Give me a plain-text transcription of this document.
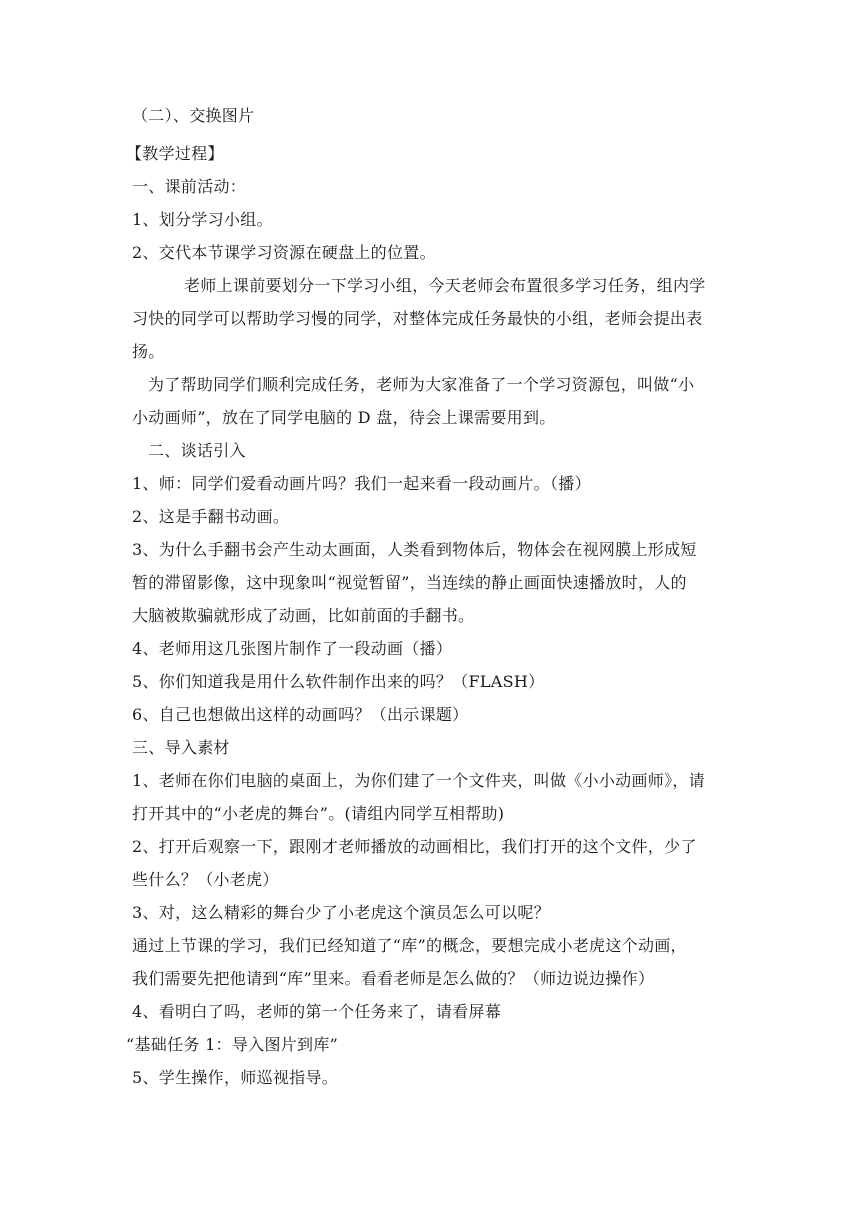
（二）、交换图片
【教学过程】
一、课前活动：
1、划分学习小组。
2、交代本节课学习资源在硬盘上的位置。
老师上课前要划分一下学习小组，今天老师会布置很多学习任务，组内学
习快的同学可以帮助学习慢的同学，对整体完成任务最快的小组，老师会提出表
扬。
为了帮助同学们顺利完成任务，老师为大家准备了一个学习资源包，叫做“小
小动画师”，放在了同学电脑的 D 盘，待会上课需要用到。
二、谈话引入
1、师：同学们爱看动画片吗？我们一起来看一段动画片。（播）
2、这是手翻书动画。
3、为什么手翻书会产生动太画面，人类看到物体后，物体会在视网膜上形成短
暂的滞留影像，这中现象叫“视觉暂留”，当连续的静止画面快速播放时，人的
大脑被欺骗就形成了动画，比如前面的手翻书。
4、老师用这几张图片制作了一段动画（播）
5、你们知道我是用什么软件制作出来的吗？（FLASH）
6、自己也想做出这样的动画吗？（出示课题）
三、导入素材
1、老师在你们电脑的桌面上，为你们建了一个文件夹，叫做《小小动画师》，请
打开其中的“小老虎的舞台”。(请组内同学互相帮助)
2、打开后观察一下，跟刚才老师播放的动画相比，我们打开的这个文件，少了
些什么？（小老虎）
3、对，这么精彩的舞台少了小老虎这个演员怎么可以呢？
通过上节课的学习，我们已经知道了“库”的概念，要想完成小老虎这个动画，
我们需要先把他请到“库”里来。看看老师是怎么做的？（师边说边操作）
4、看明白了吗，老师的第一个任务来了，请看屏幕
“基础任务 1：导入图片到库”
5、学生操作，师巡视指导。
